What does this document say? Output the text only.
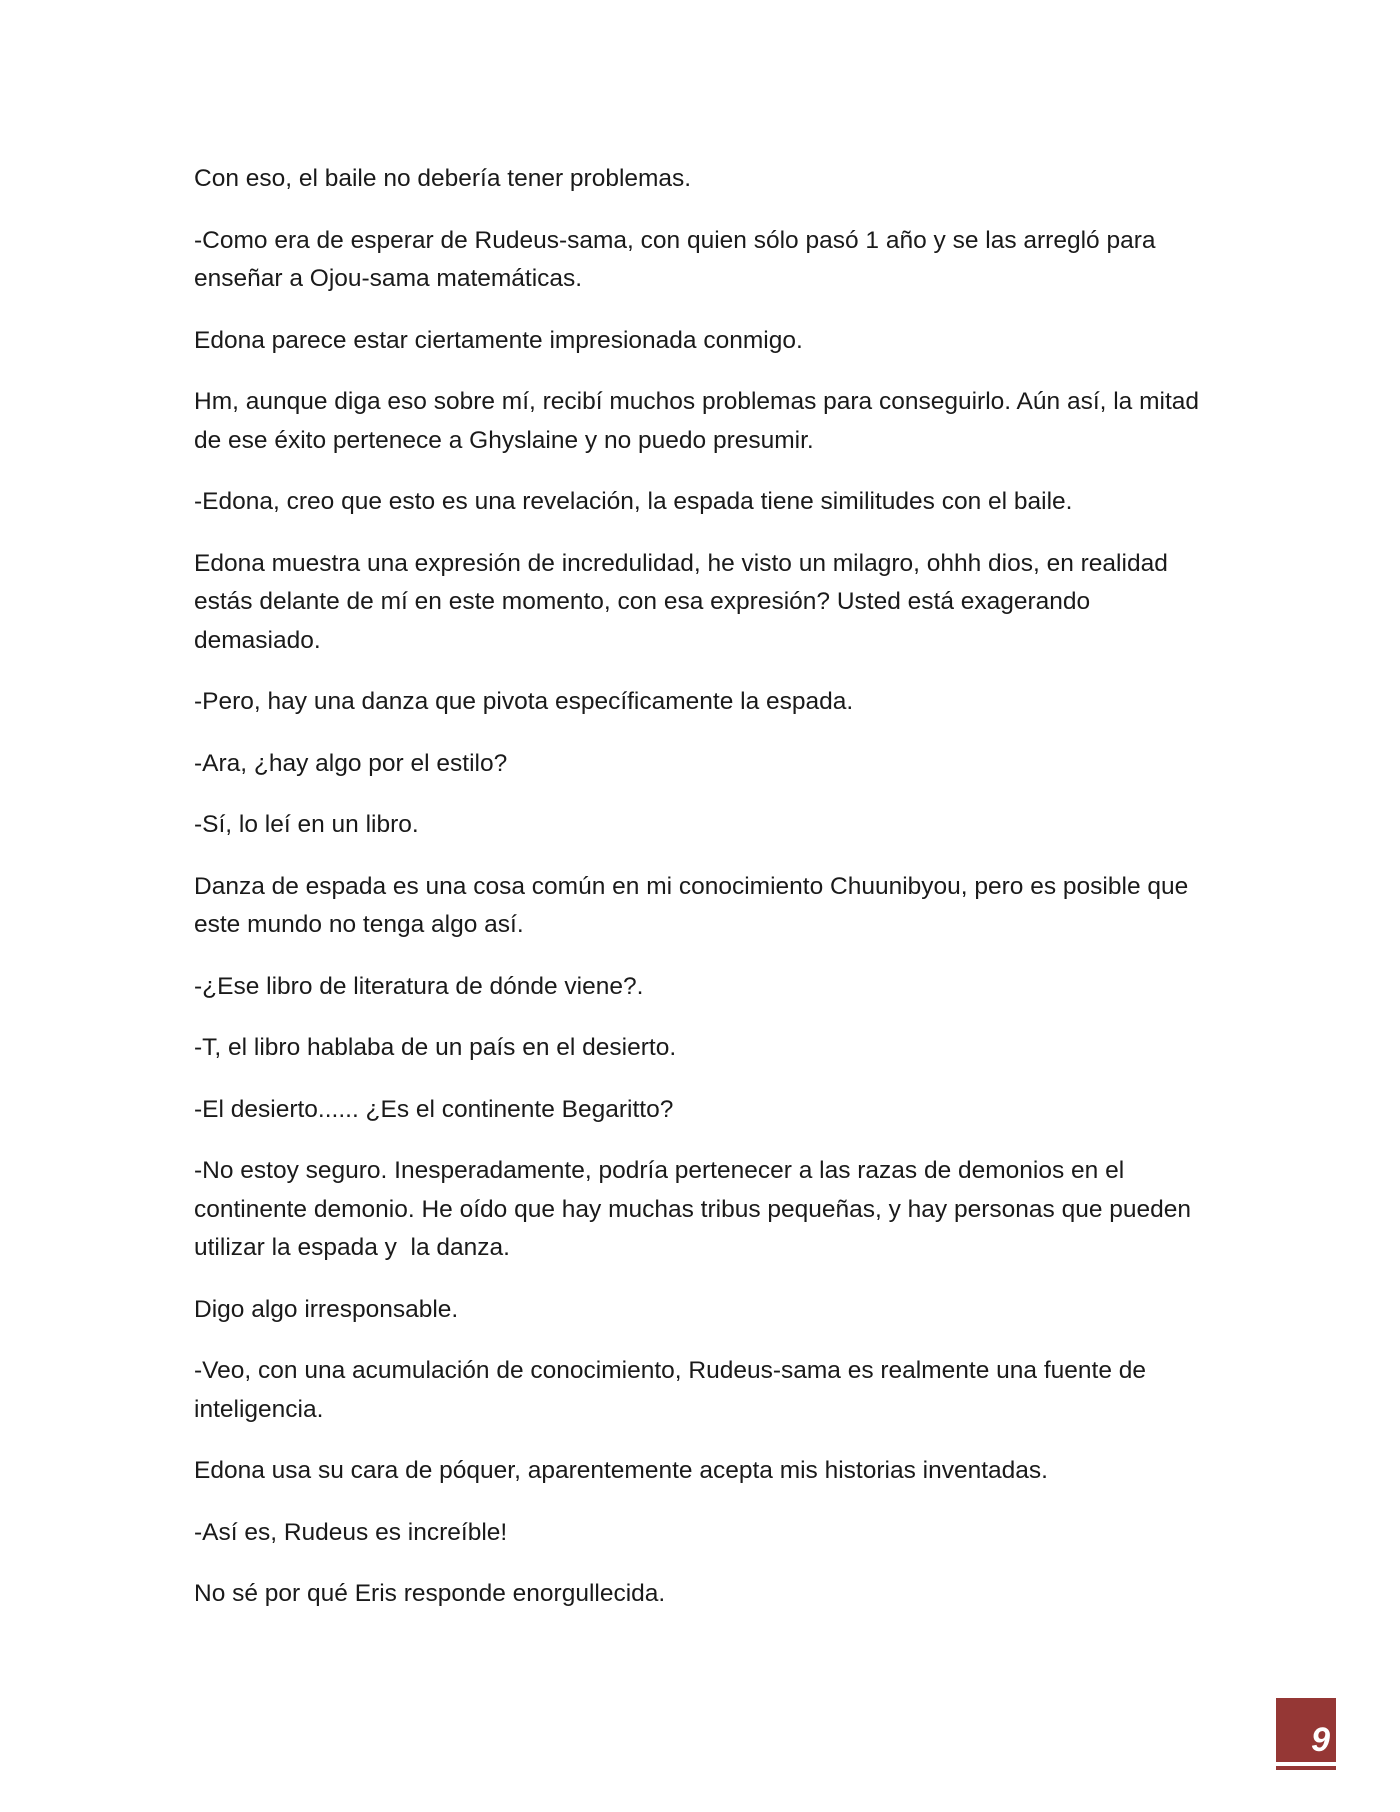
Con eso, el baile no debería tener problemas.

-Como era de esperar de Rudeus-sama, con quien sólo pasó 1 año y se las arregló para enseñar a Ojou-sama matemáticas.

Edona parece estar ciertamente impresionada conmigo.

Hm, aunque diga eso sobre mí, recibí muchos problemas para conseguirlo. Aún así, la mitad de ese éxito pertenece a Ghyslaine y no puedo presumir.

-Edona, creo que esto es una revelación, la espada tiene similitudes con el baile.

Edona muestra una expresión de incredulidad, he visto un milagro, ohhh dios, en realidad estás delante de mí en este momento, con esa expresión? Usted está exagerando demasiado.

-Pero, hay una danza que pivota específicamente la espada.

-Ara, ¿hay algo por el estilo?

-Sí, lo leí en un libro.

Danza de espada es una cosa común en mi conocimiento Chuunibyou, pero es posible que este mundo no tenga algo así.

-¿Ese libro de literatura de dónde viene?.

-T, el libro hablaba de un país en el desierto.

-El desierto...... ¿Es el continente Begaritto?

-No estoy seguro. Inesperadamente, podría pertenecer a las razas de demonios en el continente demonio. He oído que hay muchas tribus pequeñas, y hay personas que pueden utilizar la espada y  la danza.

Digo algo irresponsable.

-Veo, con una acumulación de conocimiento, Rudeus-sama es realmente una fuente de inteligencia.

Edona usa su cara de póquer, aparentemente acepta mis historias inventadas.

-Así es, Rudeus es increíble!

No sé por qué Eris responde enorgullecida.

9
